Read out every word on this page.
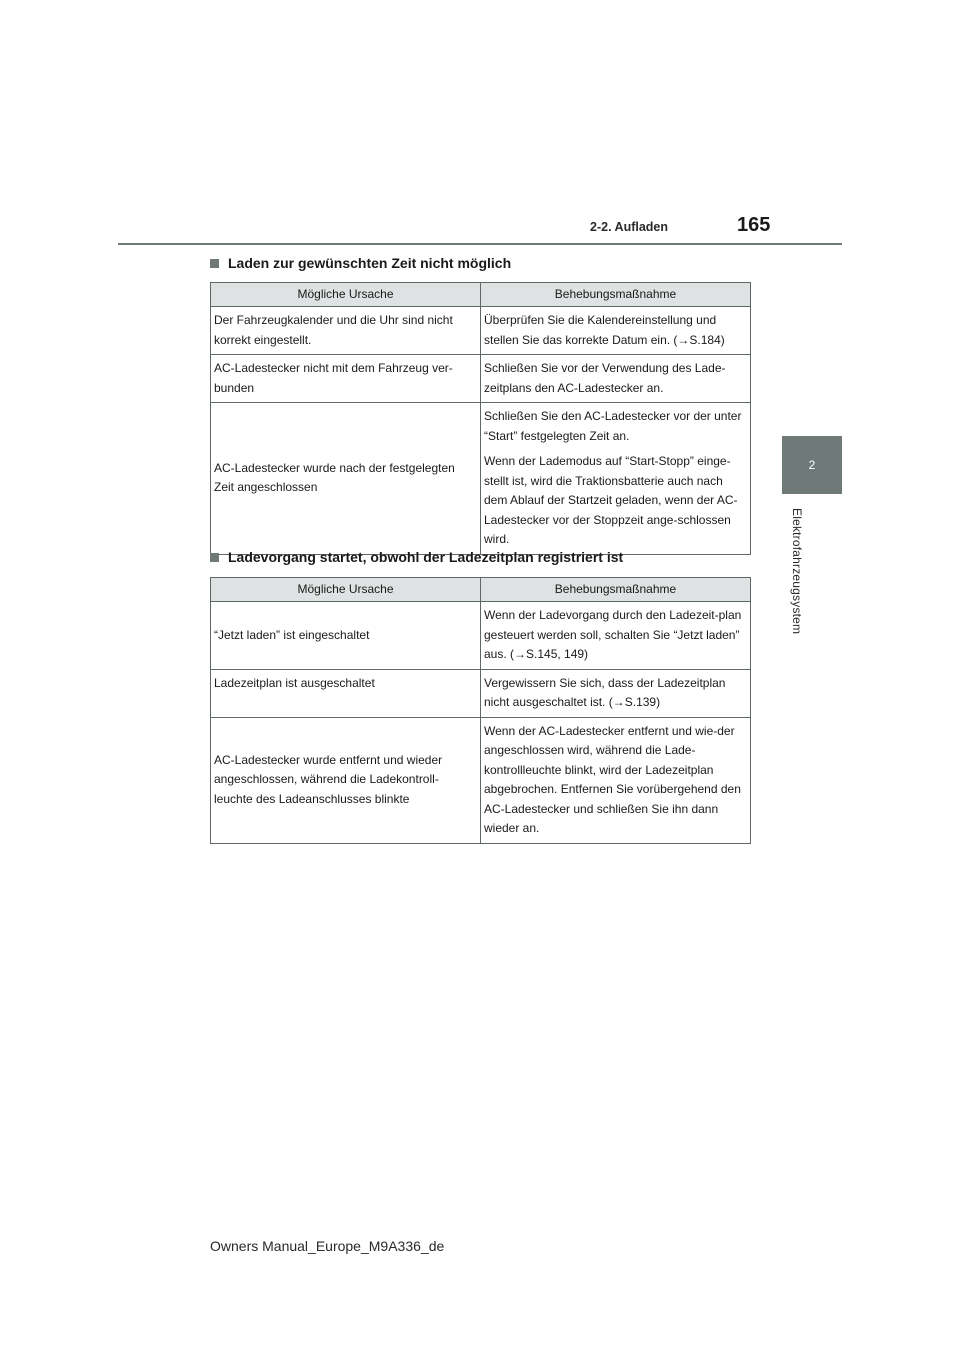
2-2. Aufladen	165
2
Elektrofahrzeugsystem
Laden zur gewünschten Zeit nicht möglich
Mögliche Ursache	Behebungsmaßnahme
Der Fahrzeugkalender und die Uhr sind nicht korrekt eingestellt.	Überprüfen Sie die Kalendereinstellung und stellen Sie das korrekte Datum ein. (→S.184)

AC-Ladestecker nicht mit dem Fahrzeug ver-bunden	Schließen Sie vor der Verwendung des Lade-zeitplans den AC-Ladestecker an.

AC-Ladestecker wurde nach der festgelegten Zeit angeschlossen	Schließen Sie den AC-Ladestecker vor der unter “Start” festgelegten Zeit an.

Wenn der Lademodus auf “Start-Stopp” einge-stellt ist, wird die Traktionsbatterie auch nach dem Ablauf der Startzeit geladen, wenn der AC-Ladestecker vor der Stoppzeit ange-schlossen wird.

Ladevorgang startet, obwohl der Ladezeitplan registriert ist
Mögliche Ursache	Behebungsmaßnahme
“Jetzt laden” ist eingeschaltet	Wenn der Ladevorgang durch den Ladezeit-plan gesteuert werden soll, schalten Sie “Jetzt laden” aus. (→S.145, 149)

Ladezeitplan ist ausgeschaltet	Vergewissern Sie sich, dass der Ladezeitplan nicht ausgeschaltet ist. (→S.139)

AC-Ladestecker wurde entfernt und wieder angeschlossen, während die Ladekontroll-leuchte des Ladeanschlusses blinkte	Wenn der AC-Ladestecker entfernt und wie-der angeschlossen wird, während die Lade-kontrollleuchte blinkt, wird der Ladezeitplan abgebrochen. Entfernen Sie vorübergehend den AC-Ladestecker und schließen Sie ihn dann wieder an.

Owners Manual_Europe_M9A336_de
